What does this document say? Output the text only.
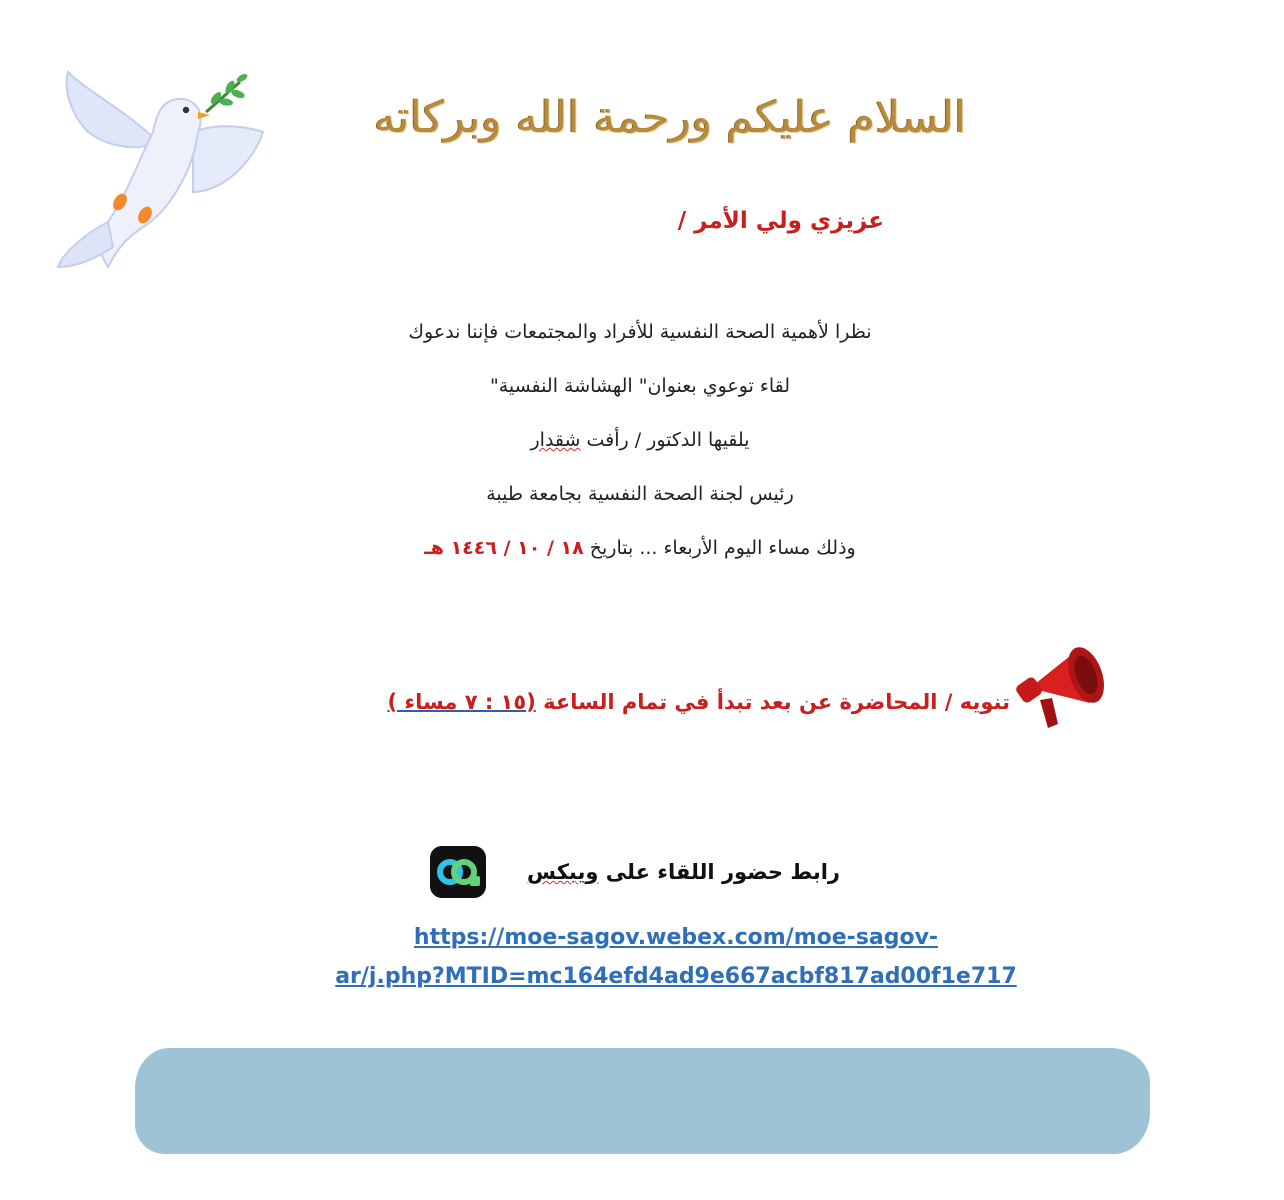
السلام عليكم ورحمة الله وبركاته
عزيزي ولي الأمر /
نظرا لأهمية الصحة النفسية للأفراد والمجتمعات فإننا ندعوك
لقاء توعوي بعنوان" الهشاشة النفسية"
يلقيها الدكتور / رأفت شقدار
رئيس لجنة الصحة النفسية بجامعة طيبة
وذلك مساء اليوم الأربعاء ... بتاريخ ١٨ / ١٠ / ١٤٤٦ هـ
تنويه / المحاضرة عن بعد تبدأ في تمام الساعة (١٥ : ٧ مساء )
رابط حضور اللقاء على ويبكس
https://moe-sagov.webex.com/moe-sagov-
ar/j.php?MTID=mc164efd4ad9e667acbf817ad00f1e717
